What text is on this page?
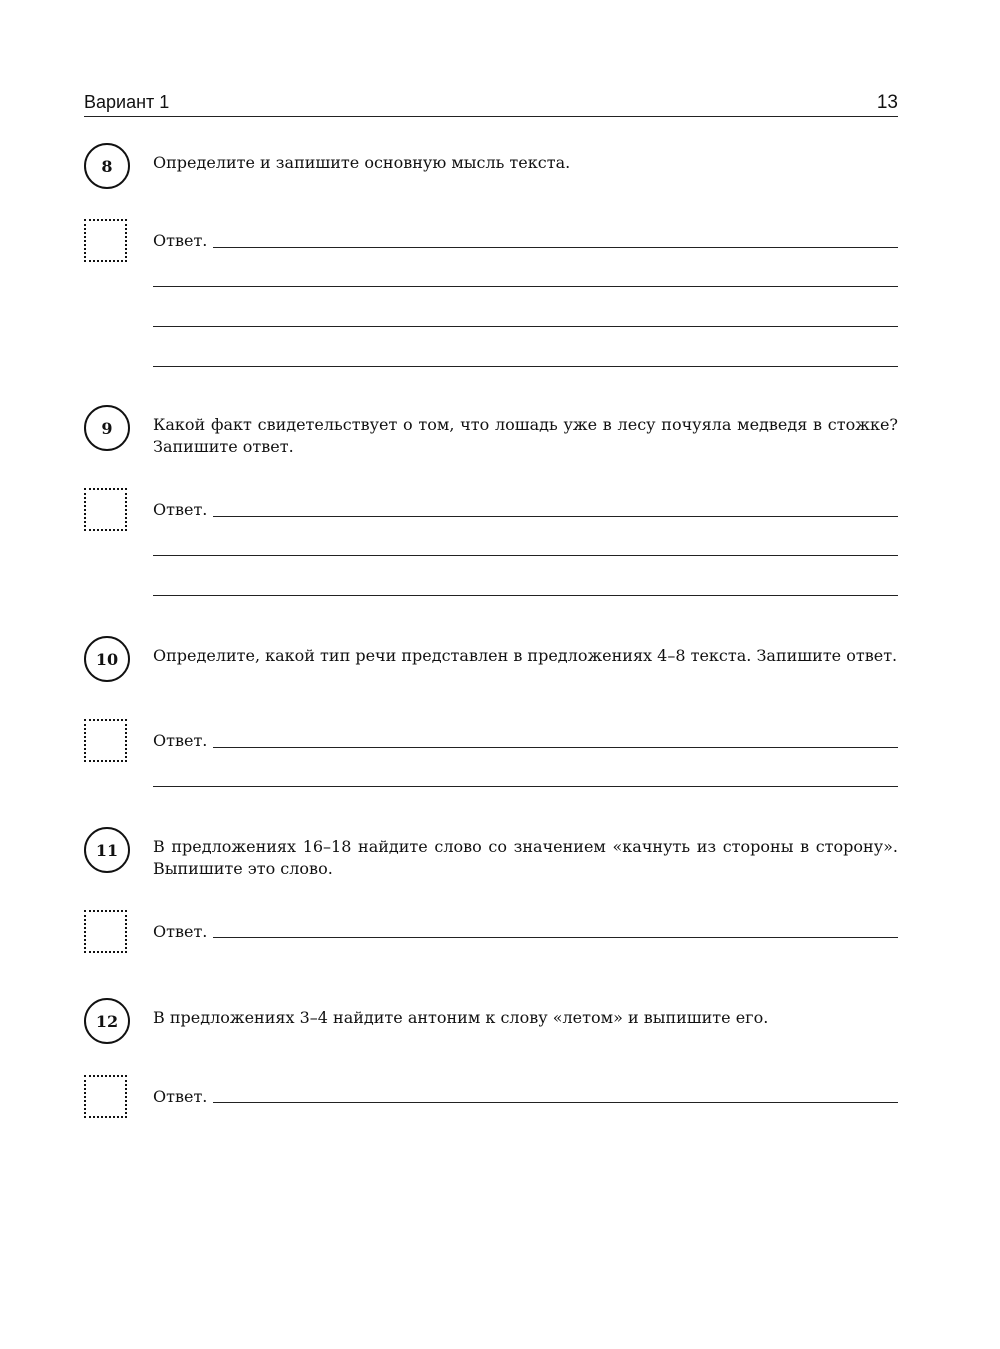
Вариант 1	13
8	Определите и запишите основную мысль текста.
Ответ.
9	Какой факт свидетельствует о том, что лошадь уже в лесу почуяла медведя в стожке? Запишите ответ.
Ответ.
10	Определите, какой тип речи представлен в предложениях 4–8 текста. Запишите ответ.
Ответ.
11	В предложениях 16–18 найдите слово со значением «качнуть из стороны в сторону». Выпишите это слово.
Ответ.
12	В предложениях 3–4 найдите антоним к слову «летом» и выпишите его.
Ответ.
